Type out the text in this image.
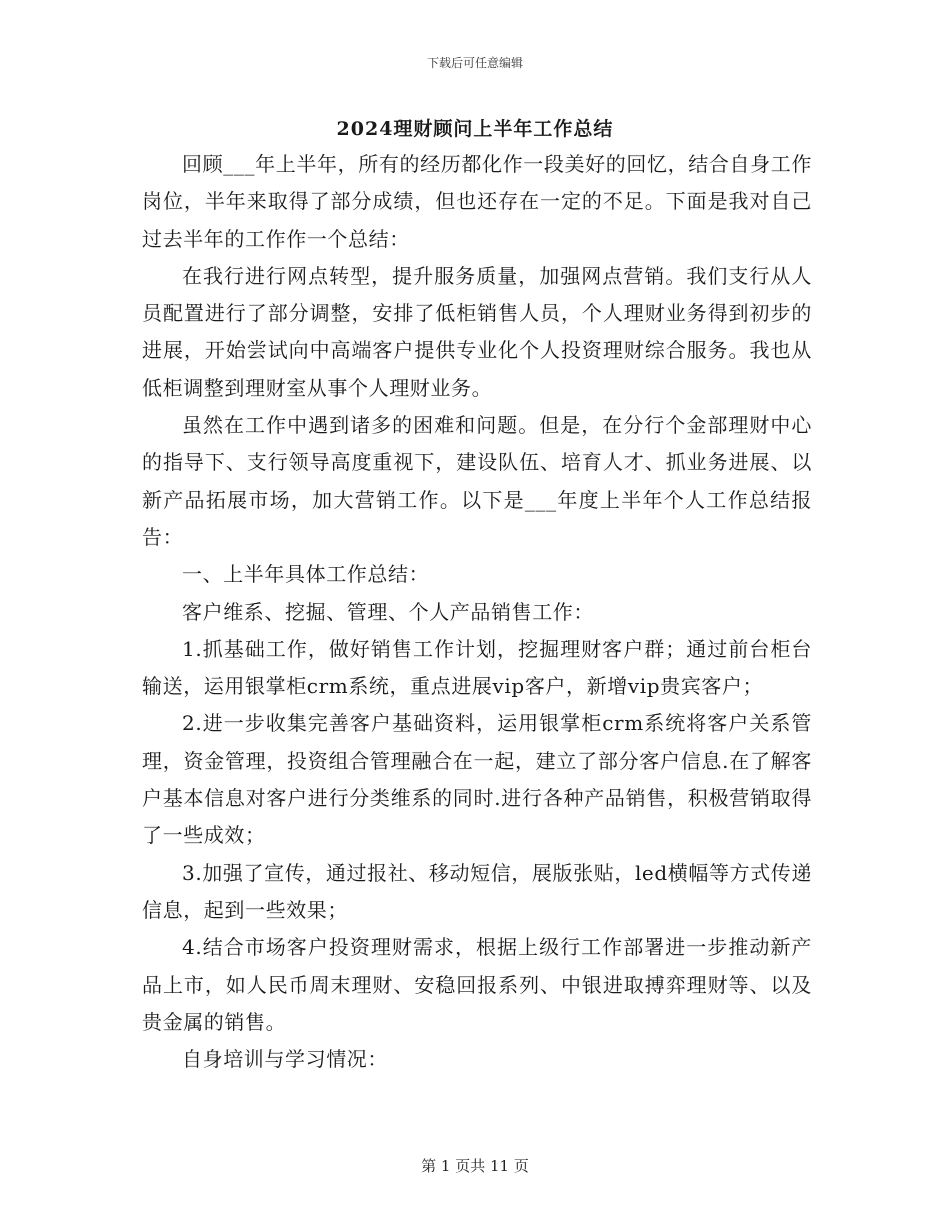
下载后可任意编辑
2024理财顾问上半年工作总结

回顾___年上半年，所有的经历都化作一段美好的回忆，结合自身工作岗位，半年来取得了部分成绩，但也还存在一定的不足。下面是我对自己过去半年的工作作一个总结：

在我行进行网点转型，提升服务质量，加强网点营销。我们支行从人员配置进行了部分调整，安排了低柜销售人员，个人理财业务得到初步的进展，开始尝试向中高端客户提供专业化个人投资理财综合服务。我也从低柜调整到理财室从事个人理财业务。

虽然在工作中遇到诸多的困难和问题。但是，在分行个金部理财中心的指导下、支行领导高度重视下，建设队伍、培育人才、抓业务进展、以新产品拓展市场，加大营销工作。以下是___年度上半年个人工作总结报告：

一、上半年具体工作总结：

客户维系、挖掘、管理、个人产品销售工作：

1.抓基础工作，做好销售工作计划，挖掘理财客户群；通过前台柜台输送，运用银掌柜crm系统，重点进展vip客户，新增vip贵宾客户；

2.进一步收集完善客户基础资料，运用银掌柜crm系统将客户关系管理，资金管理，投资组合管理融合在一起，建立了部分客户信息.在了解客户基本信息对客户进行分类维系的同时.进行各种产品销售，积极营销取得了一些成效；

3.加强了宣传，通过报社、移动短信，展版张贴，led横幅等方式传递信息，起到一些效果；

4.结合市场客户投资理财需求，根据上级行工作部署进一步推动新产品上市，如人民币周末理财、安稳回报系列、中银进取搏弈理财等、以及贵金属的销售。

自身培训与学习情况：

第 1 页共 11 页
